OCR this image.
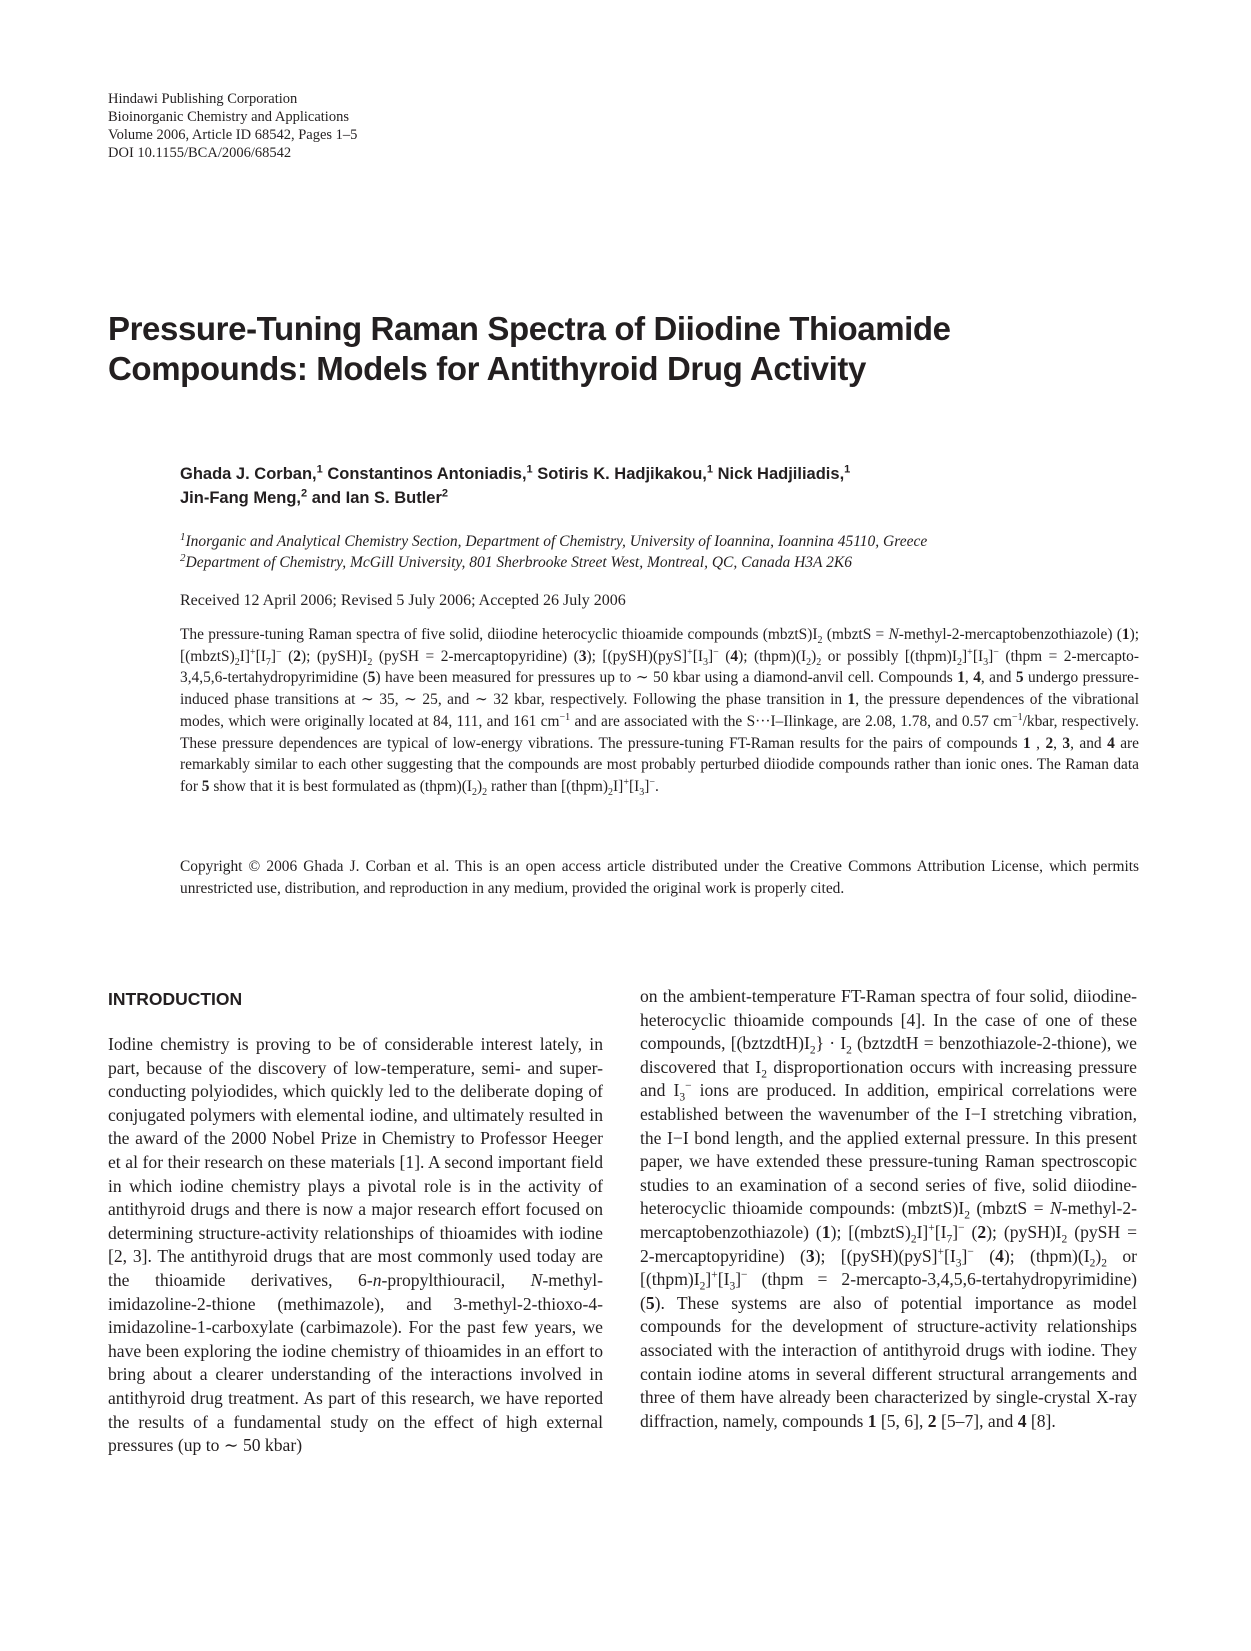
Hindawi Publishing Corporation
Bioinorganic Chemistry and Applications
Volume 2006, Article ID 68542, Pages 1–5
DOI 10.1155/BCA/2006/68542
Pressure-Tuning Raman Spectra of Diiodine Thioamide
Compounds: Models for Antithyroid Drug Activity
Ghada J. Corban,$^1$ Constantinos Antoniadis,$^1$ Sotiris K. Hadjikakou,$^1$ Nick Hadjiliadis,$^1$
Jin-Fang Meng,$^2$ and Ian S. Butler$^2$
$^1$Inorganic and Analytical Chemistry Section, Department of Chemistry, University of Ioannina, Ioannina 45110, Greece
$^2$Department of Chemistry, McGill University, 801 Sherbrooke Street West, Montreal, QC, Canada H3A 2K6
Received 12 April 2006; Revised 5 July 2006; Accepted 26 July 2006
The pressure-tuning Raman spectra of five solid, diiodine heterocyclic thioamide compounds $(mbztS)I_2$ (mbztS = N-methyl-2-mercaptobenzothiazole) (1); $[(mbztS)_2I]^+[I_7]^-$ (2); $(pySH)I_2$ (pySH = 2-mercaptopyridine) (3); [$(pySH)(pyS]^+[I_3]^-$ (4); $(thpm)(I_2)_2$ or possibly $[(thpm)I_2]^+[I_3]^-$ (thpm = 2-mercapto-3,4,5,6-tertahydropyrimidine (5) have been measured for pressures up to ∼ 50 kbar using a diamond-anvil cell. Compounds 1, 4, and 5 undergo pressure-induced phase transitions at ∼ 35, ∼ 25, and ∼ 32 kbar, respectively. Following the phase transition in 1, the pressure dependences of the vibrational modes, which were originally located at 84, 111, and 161 $cm^{-1}$ and are associated with the S···I–Ilinkage, are 2.08, 1.78, and 0.57 $cm^{-1}$/kbar, respectively. These pressure dependences are typical of low-energy vibrations. The pressure-tuning FT-Raman results for the pairs of compounds 1 , 2, 3, and 4 are remarkably similar to each other suggesting that the compounds are most probably perturbed diiodide compounds rather than ionic ones. The Raman data for 5 show that it is best formulated as $(thpm)(I_2)_2$ rather than $[(thpm)_2I]^+[I_3]^-$.
Copyright © 2006 Ghada J. Corban et al. This is an open access article distributed under the Creative Commons Attribution License, which permits unrestricted use, distribution, and reproduction in any medium, provided the original work is properly cited.
INTRODUCTION
Iodine chemistry is proving to be of considerable interest lately, in part, because of the discovery of low-temperature, semi- and super-conducting polyiodides, which quickly led to the deliberate doping of conjugated polymers with elemental iodine, and ultimately resulted in the award of the 2000 Nobel Prize in Chemistry to Professor Heeger et al for their research on these materials [1]. A second important field in which iodine chemistry plays a pivotal role is in the activity of antithyroid drugs and there is now a major research effort focused on determining structure-activity relationships of thioamides with iodine [2, 3]. The antithyroid drugs that are most commonly used today are the thioamide derivatives, 6-n-propylthiouracil, N-methyl-imidazoline-2-thione (methimazole), and 3-methyl-2-thioxo-4-imidazoline-1-carboxylate (carbimazole). For the past few years, we have been exploring the iodine chemistry of thioamides in an effort to bring about a clearer understanding of the interactions involved in antithyroid drug treatment. As part of this research, we have reported the results of a fundamental study on the effect of high external pressures (up to ∼ 50 kbar)
on the ambient-temperature FT-Raman spectra of four solid, diiodine-heterocyclic thioamide compounds [4]. In the case of one of these compounds, $[(bztzdtH)I_2\} \cdot I_2$ (bztzdtH = benzothiazole-2-thione), we discovered that $I_2$ disproportionation occurs with increasing pressure and $I_3^-$ ions are produced. In addition, empirical correlations were established between the wavenumber of the I−I stretching vibration, the I−I bond length, and the applied external pressure. In this present paper, we have extended these pressure-tuning Raman spectroscopic studies to an examination of a second series of five, solid diiodine-heterocyclic thioamide compounds: $(mbztS)I_2$ (mbztS = N-methyl-2-mercaptobenzothiazole) (1); $[(mbztS)_2I]^+[I_7]^-$ (2); $(pySH)I_2$ (pySH = 2-mercaptopyridine) (3); [$(pySH)(pyS]^+[I_3]^-$ (4); $(thpm)(I_2)_2$ or $[(thpm)I_2]^+[I_3]^-$ (thpm = 2-mercapto-3,4,5,6-tertahydropyrimidine) (5). These systems are also of potential importance as model compounds for the development of structure-activity relationships associated with the interaction of antithyroid drugs with iodine. They contain iodine atoms in several different structural arrangements and three of them have already been characterized by single-crystal X-ray diffraction, namely, compounds 1 [5, 6], 2 [5–7], and 4 [8].
